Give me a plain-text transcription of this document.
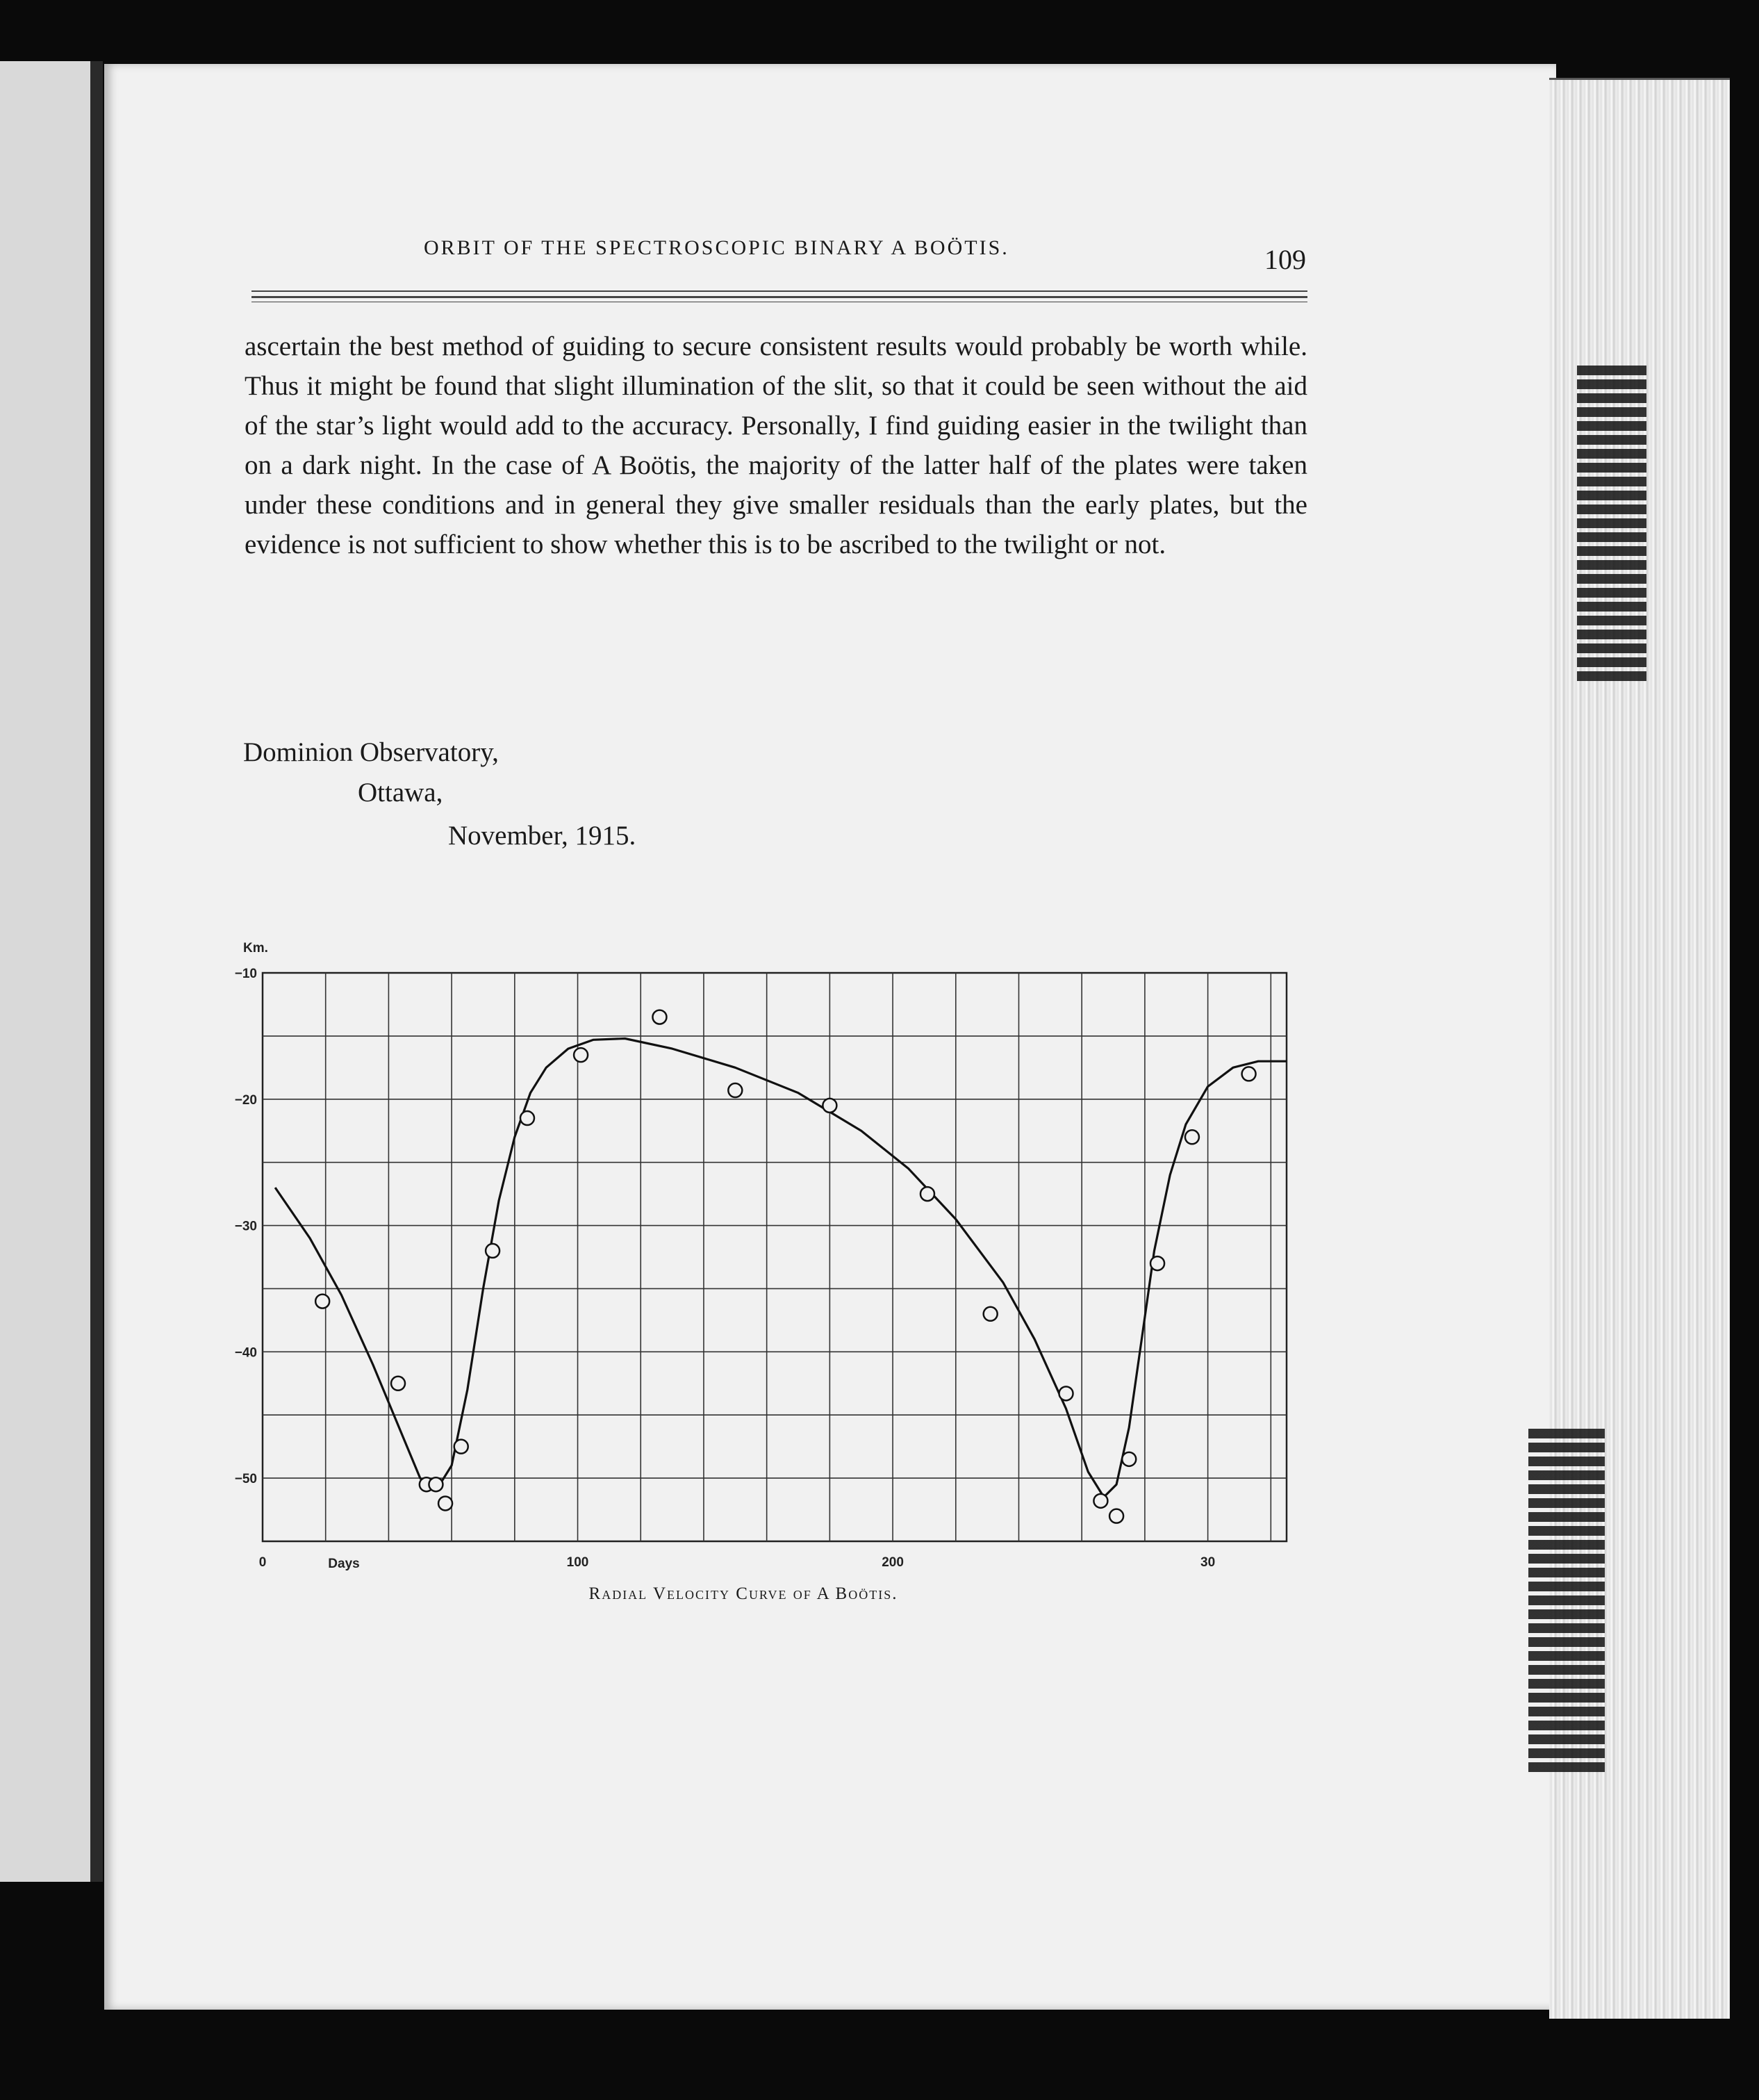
ORBIT OF THE SPECTROSCOPIC BINARY A BOÖTIS.	109

ascertain the best method of guiding to secure consistent results would probably be worth while. Thus it might be found that slight illumination of the slit, so that it could be seen without the aid of the star’s light would add to the accuracy. Personally, I find guiding easier in the twilight than on a dark night. In the case of A Boötis, the majority of the latter half of the plates were taken under these conditions and in general they give smaller residuals than the early plates, but the evidence is not sufficient to show whether this is to be ascribed to the twilight or not.

Dominion Observatory,
Ottawa,
November, 1915.
−10
−20
−30
−40
−50
0	100	200	30
Km.
Days
Radial Velocity Curve of A Boötis.
